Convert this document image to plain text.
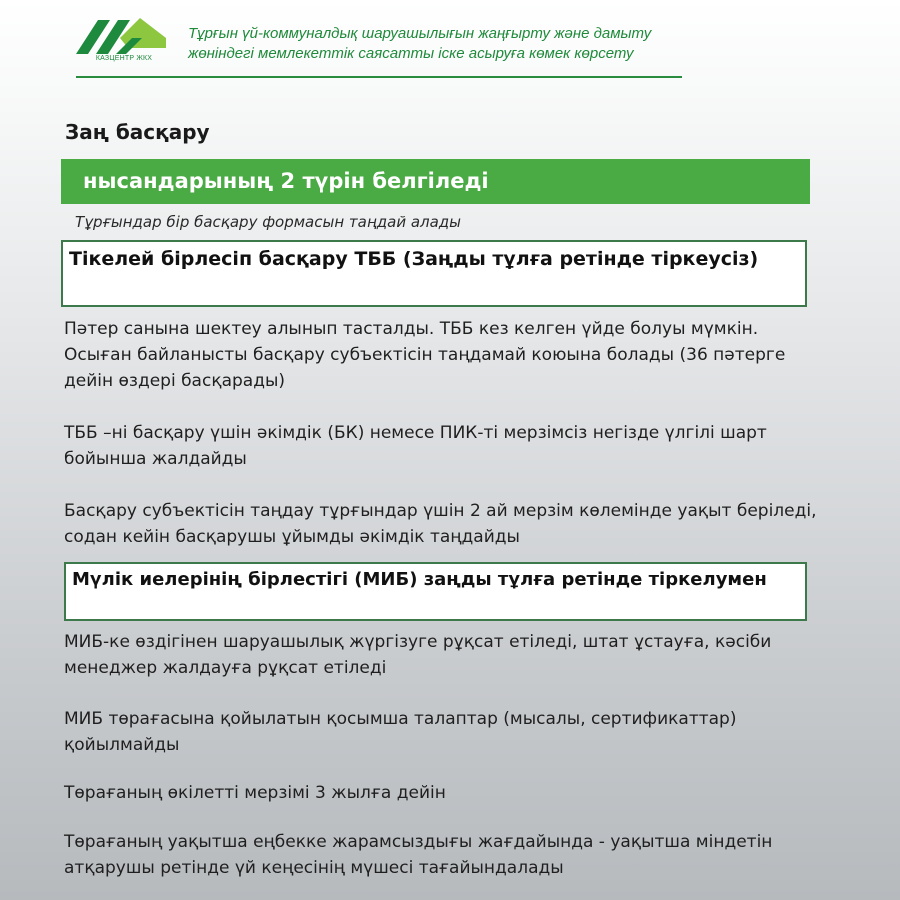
КАЗЦЕНТР ЖКХ
Тұрғын үй-коммуналдық шаруашылығын жаңғырту және дамыту
жөніндегі мемлекеттік саясатты іске асыруға көмек көрсету
Заң басқару
нысандарының 2 түрін белгіледі
Тұрғындар бір басқару формасын таңдай алады
Тікелей бірлесіп басқару ТББ (Заңды тұлға ретінде тіркеусіз)
Пәтер санына шектеу алынып тасталды. ТББ кез келген үйде болуы мүмкін. Осыған байланысты басқару субъектісін таңдамай коюына болады (36 пәтерге дейін өздері басқарады)
ТББ –ні басқару үшін әкімдік (БК) немесе ПИК-ті мерзімсіз негізде үлгілі шарт бойынша жалдайды
Басқару субъектісін таңдау тұрғындар үшін 2 ай мерзім көлемінде уақыт беріледі, содан кейін басқарушы ұйымды әкімдік таңдайды
Мүлік иелерінің бірлестігі (МИБ) заңды тұлға ретінде тіркелумен
МИБ-ке өздігінен шаруашылық жүргізуге рұқсат етіледі, штат ұстауға, кәсіби менеджер жалдауға рұқсат етіледі
МИБ төрағасына қойылатын қосымша талаптар (мысалы, сертификаттар) қойылмайды
Төрағаның өкілетті мерзімі 3 жылға дейін
Төрағаның уақытша еңбекке жарамсыздығы жағдайында - уақытша міндетін атқарушы ретінде үй кеңесінің мүшесі тағайындалады
